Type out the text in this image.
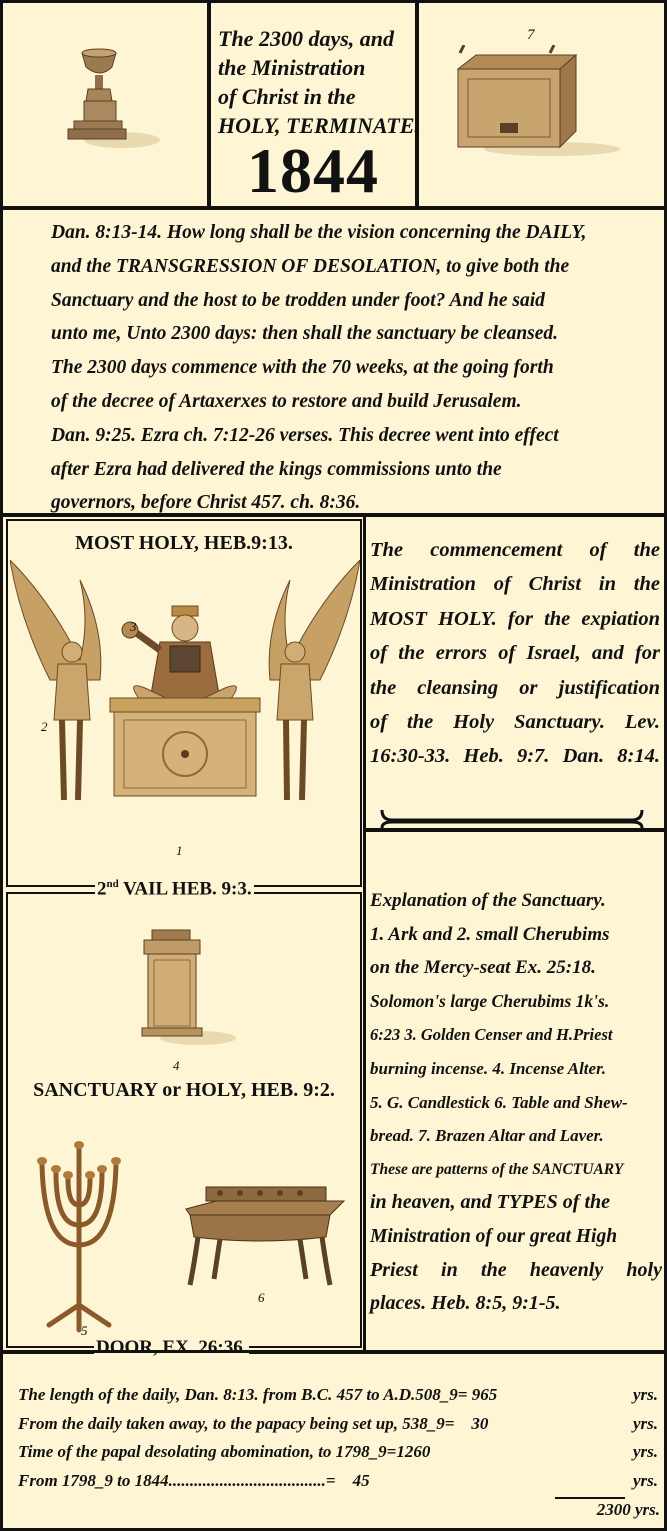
The 2300 days, and
the Ministration
of Christ in the
HOLY, TERMINATE.
1844
7
Dan. 8:13-14. How long shall be the vision concerning the DAILY,
and the TRANSGRESSION OF DESOLATION, to give both the
Sanctuary and the host to be trodden under foot? And he said
unto me, Unto 2300 days: then shall the sanctuary be cleansed.
The 2300 days commence with the 70 weeks, at the going forth
of the decree of Artaxerxes to restore and build Jerusalem.
Dan. 9:25. Ezra ch. 7:12-26 verses. This decree went into effect
after Ezra had delivered the kings commissions unto the
governors, before Christ 457. ch. 8:36.
MOST HOLY, HEB.9:13.
3
2
1
2nd VAIL HEB. 9:3.
4
SANCTUARY or HOLY, HEB. 9:2.
5
6
DOOR, EX. 26:36.
The commencement of the
Ministration of Christ in the
MOST HOLY. for the expiation
of the errors of Israel, and for
the cleansing or justification
of the Holy Sanctuary. Lev.
16:30-33. Heb. 9:7. Dan. 8:14.
Explanation of the Sanctuary.
1. Ark and 2. small Cherubims
on the Mercy-seat Ex. 25:18.
Solomon's large Cherubims 1k's.
6:23 3. Golden Censer and H.Priest
burning incense. 4. Incense Alter.
5. G. Candlestick 6. Table and Shew-
bread. 7. Brazen Altar and Laver.
These are patterns of the SANCTUARY
in heaven, and TYPES of the
Ministration of our great High
Priest in the heavenly holy
places. Heb. 8:5, 9:1-5.
The length of the daily, Dan. 8:13. from B.C. 457 to A.D.508_9= 965	yrs.
From the daily taken away, to the papacy being set up, 538_9=    30	yrs.
Time of the papal desolating abomination, to 1798_9=1260	yrs.
From 1798_9 to 1844.....................................=    45	yrs.
2300 yrs.
